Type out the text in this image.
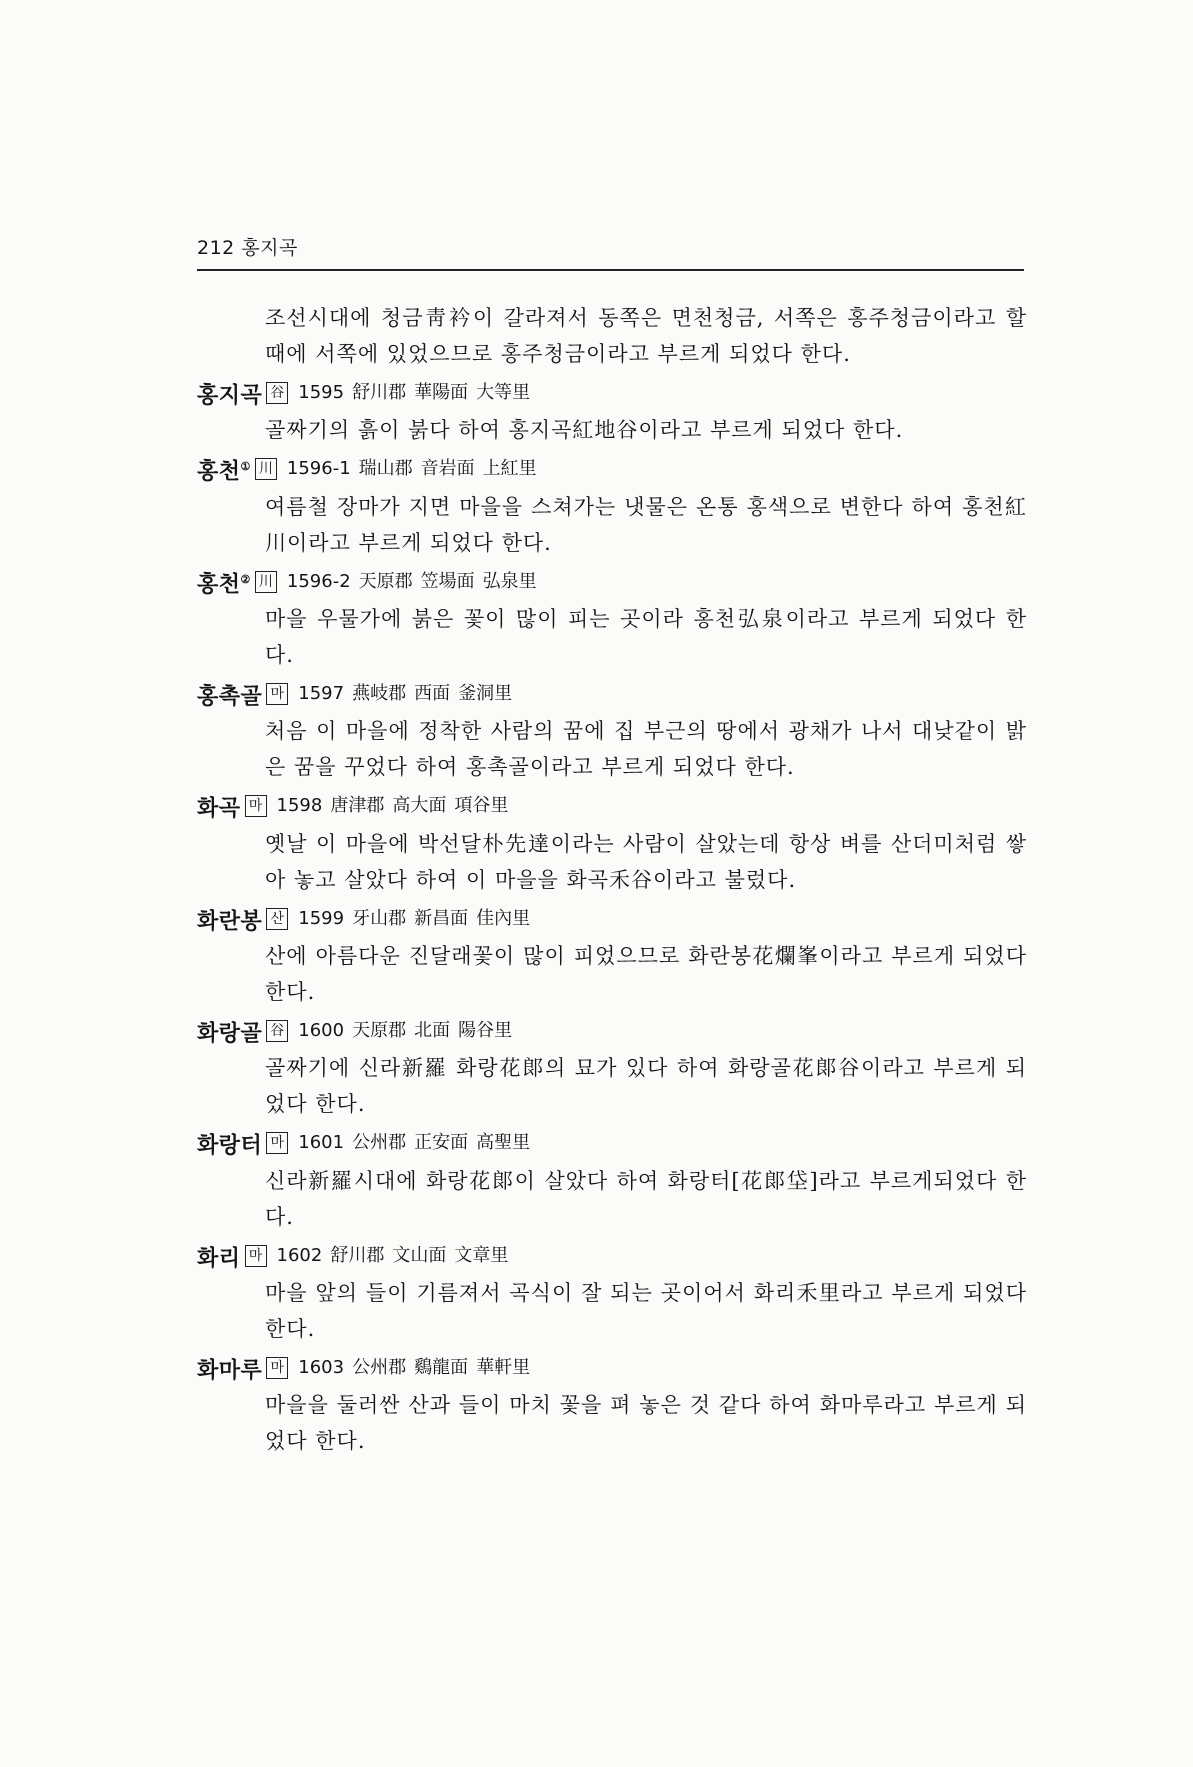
212 홍지곡
조선시대에 청금靑衿이 갈라져서 동쪽은 면천청금, 서쪽은 홍주청금이라고 할 때에 서쪽에 있었으므로 홍주청금이라고 부르게 되었다 한다.
홍지곡 谷 1595 舒川郡 華陽面 大等里
골짜기의 흙이 붉다 하여 홍지곡紅地谷이라고 부르게 되었다 한다.
홍천① 川 1596-1 瑞山郡 音岩面 上紅里
여름철 장마가 지면 마을을 스쳐가는 냇물은 온통 홍색으로 변한다 하여 홍천紅川이라고 부르게 되었다 한다.
홍천② 川 1596-2 天原郡 笠場面 弘泉里
마을 우물가에 붉은 꽃이 많이 피는 곳이라 홍천弘泉이라고 부르게 되었다 한다.
홍촉골 마 1597 燕岐郡 西面 釜洞里
처음 이 마을에 정착한 사람의 꿈에 집 부근의 땅에서 광채가 나서 대낮같이 밝은 꿈을 꾸었다 하여 홍촉골이라고 부르게 되었다 한다.
화곡 마 1598 唐津郡 高大面 項谷里
옛날 이 마을에 박선달朴先達이라는 사람이 살았는데 항상 벼를 산더미처럼 쌓아 놓고 살았다 하여 이 마을을 화곡禾谷이라고 불렀다.
화란봉 산 1599 牙山郡 新昌面 佳內里
산에 아름다운 진달래꽃이 많이 피었으므로 화란봉花爛峯이라고 부르게 되었다 한다.
화랑골 谷 1600 天原郡 北面 陽谷里
골짜기에 신라新羅 화랑花郞의 묘가 있다 하여 화랑골花郞谷이라고 부르게 되었다 한다.
화랑터 마 1601 公州郡 正安面 高聖里
신라新羅시대에 화랑花郞이 살았다 하여 화랑터[花郞垈]라고 부르게되었다 한다.
화리 마 1602 舒川郡 文山面 文章里
마을 앞의 들이 기름져서 곡식이 잘 되는 곳이어서 화리禾里라고 부르게 되었다 한다.
화마루 마 1603 公州郡 鷄龍面 華軒里
마을을 둘러싼 산과 들이 마치 꽃을 펴 놓은 것 같다 하여 화마루라고 부르게 되었다 한다.
